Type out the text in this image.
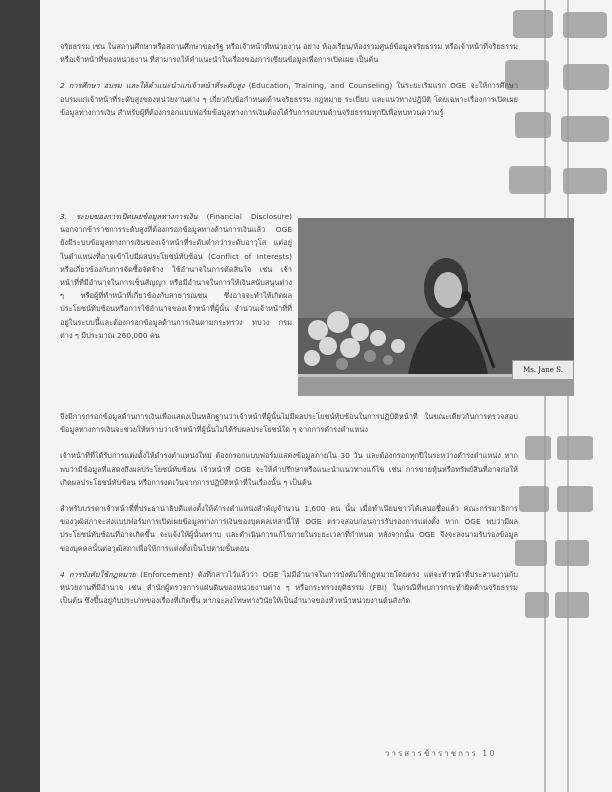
จริยธรรม เช่น ในสถานศึกษาหรือสถานศึกษาของรัฐ หรือเจ้าหน้าที่หน่วยงาน อย่าง ห้องเรียน/ห้องรวมศูนย์ข้อมูลจริยธรรม หรือเจ้าหน้าที่จริยธรรม หรือเจ้าหน้าที่ของหน่วยงาน ที่สามารถให้คำแนะนำในเรื่องของการเขียนข้อมูลเพื่อการเปิดเผย เป็นต้น

2 การศึกษา อบรม และให้คำแนะนำแก่เจ้าหน้าที่ระดับสูง (Education, Training, and Counseling) ในระยะเริ่มแรก OGE จะให้การศึกษาอบรมแก่เจ้าหน้าที่ระดับสูงของหน่วยงานต่าง ๆ เกี่ยวกับข้อกำหนดด้านจริยธรรม กฎหมาย ระเบียบ และแนวทางปฏิบัติ โดยเฉพาะเรื่องการเปิดเผยข้อมูลทางการเงิน สำหรับผู้ที่ต้องกรอกแบบฟอร์มข้อมูลทางการเงินต้องได้รับการอบรมด้านจริยธรรมทุกปีเพื่อทบทวนความรู้

3. ระบบของการเปิดเผยข้อมูลทางการเงิน (Financial Disclosure) นอกจากข้าราชการระดับสูงที่ต้องกรอกข้อมูลทางด้านการเงินแล้ว OGE ยังมีระบบข้อมูลทางการเงินของเจ้าหน้าที่ระดับต่ำกว่าระดับอาวุโส แต่อยู่ในตำแหน่งที่อาจเข้าไปมีผลประโยชน์ทับซ้อน (Conflict of Interests) หรือเกี่ยวข้องกับการจัดซื้อจัดจ้าง ใช้อำนาจในการตัดสินใจ เช่น เจ้าหน้าที่ที่มีอำนาจในการเซ็นสัญญา หรือมีอำนาจในการให้เงินสนับสนุนต่าง ๆ หรือผู้ที่ทำหน้าที่เกี่ยวข้องกับสาธารณชน ซึ่งอาจจะทำให้เกิดผลประโยชน์ทับซ้อนหรือการใช้อำนาจของเจ้าหน้าที่ผู้นั้น จำนวนเจ้าหน้าที่ที่อยู่ในระบบนี้และต้องกรอกข้อมูลด้านการเงินตามกระทรวง ทบวง กรม ต่าง ๆ มีประมาณ 260,000 คน

Ms. Jane S.

จึงมีการกรอกข้อมูลด้านการเงินเพื่อแสดงเป็นหลักฐานว่าเจ้าหน้าที่ผู้นั้นไม่มีผลประโยชน์ทับซ้อนในการปฏิบัติหน้าที่ ในขณะเดียวกันการตรวจสอบข้อมูลทางการเงินจะช่วยให้ทราบว่าเจ้าหน้าที่ผู้นั้นไม่ได้รับผลประโยชน์ใด ๆ จากการดำรงตำแหน่ง

เจ้าหน้าที่ที่ได้รับการแต่งตั้งให้ดำรงตำแหน่งใหม่ ต้องกรอกแบบฟอร์มแสดงข้อมูลภายใน 30 วัน และต้องกรอกทุกปีในระหว่างดำรงตำแหน่ง หากพบว่ามีข้อมูลที่แสดงถึงผลประโยชน์ทับซ้อน เจ้าหน้าที่ OGE จะให้คำปรึกษาหรือแนะนำแนวทางแก้ไข เช่น การขายหุ้นหรือทรัพย์สินที่อาจก่อให้เกิดผลประโยชน์ทับซ้อน หรือการงดเว้นจากการปฏิบัติหน้าที่ในเรื่องนั้น ๆ เป็นต้น

สำหรับบรรดาเจ้าหน้าที่ที่ประธานาธิบดีแต่งตั้งให้ดำรงตำแหน่งสำคัญจำนวน 1,600 คน นั้น เมื่อทำเนียบขาวได้เสนอชื่อแล้ว คณะกรรมาธิการของวุฒิสภาจะส่งแบบฟอร์มการเปิดเผยข้อมูลทางการเงินของบุคคลเหล่านี้ให้ OGE ตรวจสอบก่อนการรับรองการแต่งตั้ง หาก OGE พบว่ามีผลประโยชน์ทับซ้อนที่อาจเกิดขึ้น จะแจ้งให้ผู้นั้นทราบ และดำเนินการแก้ไขภายในระยะเวลาที่กำหนด หลังจากนั้น OGE จึงจะลงนามรับรองข้อมูลของบุคคลนั้นต่อวุฒิสภาเพื่อให้การแต่งตั้งเป็นไปตามขั้นตอน

4 การบังคับใช้กฎหมาย (Enforcement) ดังที่กล่าวไว้แล้วว่า OGE ไม่มีอำนาจในการบังคับใช้กฎหมายโดยตรง แต่จะทำหน้าที่ประสานงานกับหน่วยงานที่มีอำนาจ เช่น สำนักผู้ตรวจการแผ่นดินของหน่วยงานต่าง ๆ หรือกระทรวงยุติธรรม (FBI) ในกรณีที่พบการกระทำผิดด้านจริยธรรม เป็นต้น ซึ่งขึ้นอยู่กับประเภทของเรื่องที่เกิดขึ้น หากจะลงโทษทางวินัยให้เป็นอำนาจของหัวหน้าหน่วยงานต้นสังกัด

วารสารข้าราชการ 10
